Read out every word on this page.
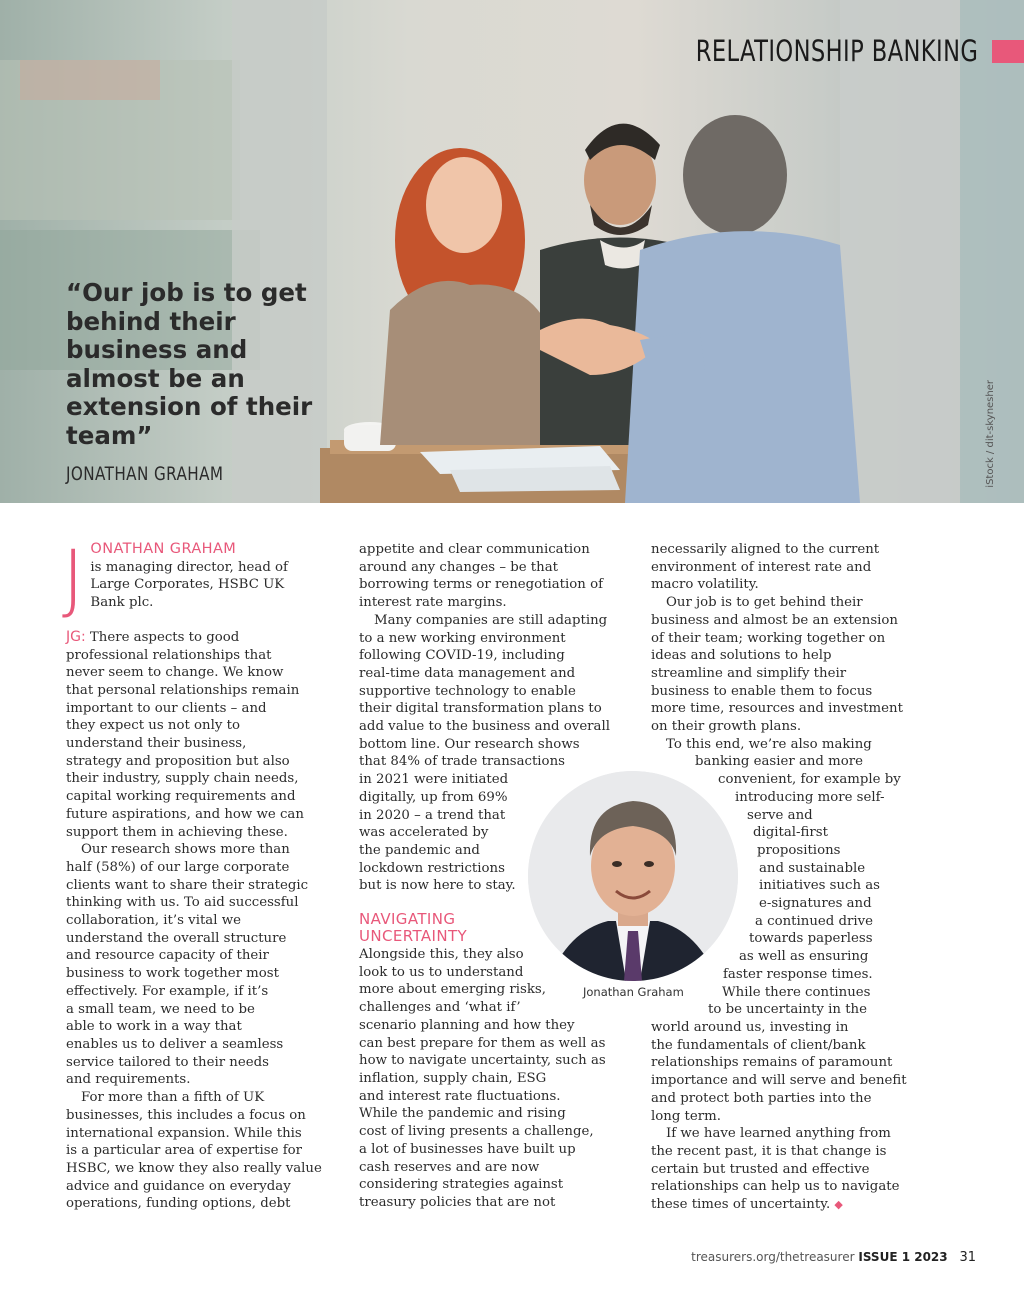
RELATIONSHIP BANKING
“Our job is to get behind their business and almost be an extension of their team”
JONATHAN GRAHAM	iStock / dit-skynesher

J ONATHAN GRAHAM
is managing director, head of
Large Corporates, HSBC UK
Bank plc.

JG: There aspects to good
professional relationships that
never seem to change. We know
that personal relationships remain
important to our clients – and
they expect us not only to
understand their business,
strategy and proposition but also
their industry, supply chain needs,
capital working requirements and
future aspirations, and how we can
support them in achieving these.

Our research shows more than
half (58%) of our large corporate
clients want to share their strategic
thinking with us. To aid successful
collaboration, it’s vital we
understand the overall structure
and resource capacity of their
business to work together most
effectively. For example, if it’s
a small team, we need to be
able to work in a way that
enables us to deliver a seamless
service tailored to their needs
and requirements.

For more than a fifth of UK
businesses, this includes a focus on
international expansion. While this
is a particular area of expertise for
HSBC, we know they also really value
advice and guidance on everyday
operations, funding options, debt

appetite and clear communication
around any changes – be that
borrowing terms or renegotiation of
interest rate margins.

Many companies are still adapting
to a new working environment
following COVID-19, including
real-time data management and
supportive technology to enable
their digital transformation plans to
add value to the business and overall
bottom line. Our research shows
that 84% of trade transactions
in 2021 were initiated
digitally, up from 69%
in 2020 – a trend that
was accelerated by
the pandemic and
lockdown restrictions
but is now here to stay.

NAVIGATING
UNCERTAINTY

Alongside this, they also
look to us to understand
more about emerging risks,
challenges and ‘what if’
scenario planning and how they
can best prepare for them as well as
how to navigate uncertainty, such as
inflation, supply chain, ESG
and interest rate fluctuations.
While the pandemic and rising
cost of living presents a challenge,
a lot of businesses have built up
cash reserves and are now
considering strategies against
treasury policies that are not

necessarily aligned to the current
environment of interest rate and
macro volatility.

Our job is to get behind their
business and almost be an extension
of their team; working together on
ideas and solutions to help
streamline and simplify their
business to enable them to focus
more time, resources and investment
on their growth plans.

To this end, we’re also making
banking easier and more
convenient, for example by
introducing more self-
serve and
digital-first
propositions
and sustainable
initiatives such as
e-signatures and
a continued drive
towards paperless
as well as ensuring
faster response times.

While there continues
to be uncertainty in the
world around us, investing in
the fundamentals of client/bank
relationships remains of paramount
importance and will serve and benefit
and protect both parties into the
long term.

If we have learned anything from
the recent past, it is that change is
certain but trusted and effective
relationships can help us to navigate
these times of uncertainty. ◆

Jonathan Graham
treasurers.org/thetreasurer ISSUE 1 2023 31
